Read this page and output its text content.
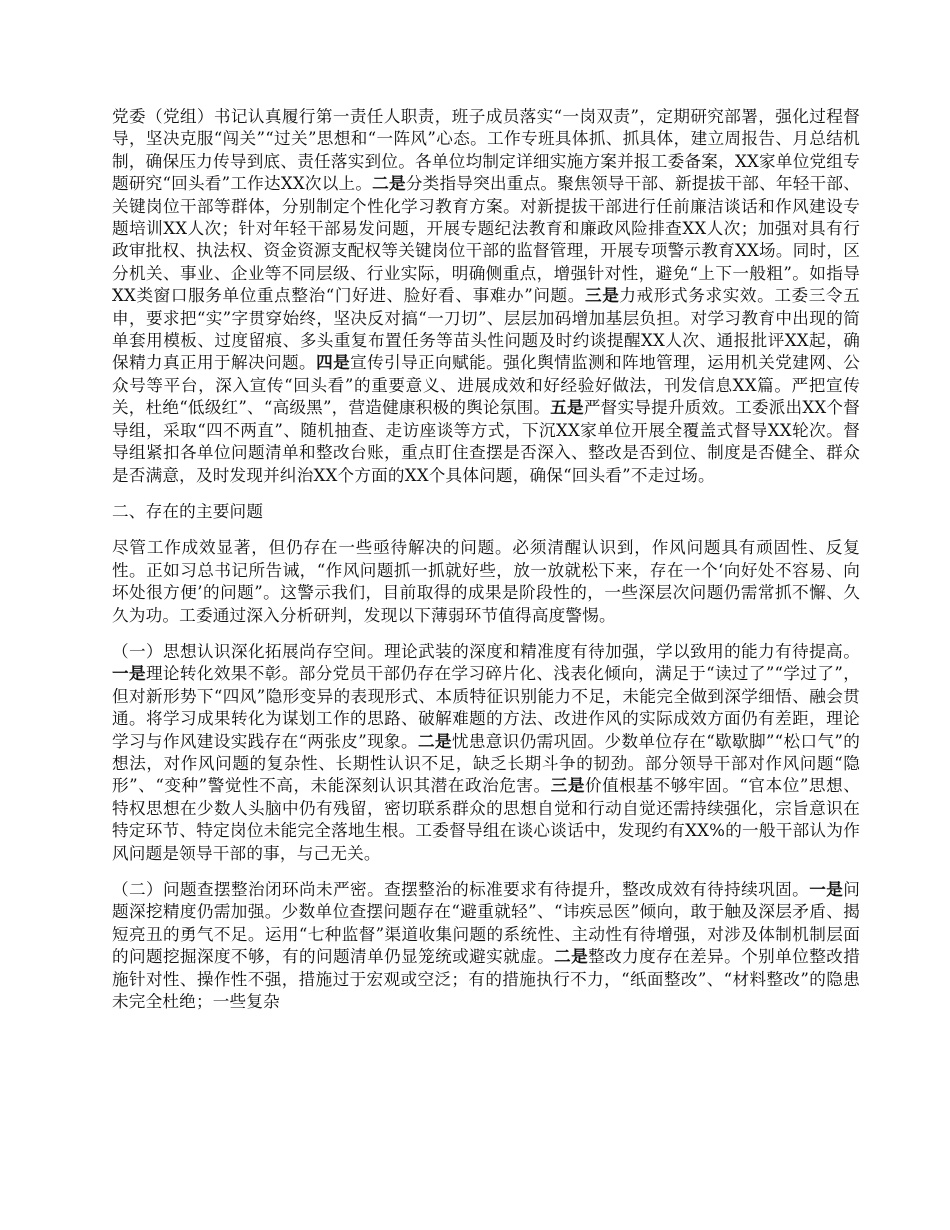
党委（党组）书记认真履行第一责任人职责，班子成员落实“一岗双责”，定期研究部署，强化过程督导，坚决克服“闯关”“过关”思想和“一阵风”心态。工作专班具体抓、抓具体，建立周报告、月总结机制，确保压力传导到底、责任落实到位。各单位均制定详细实施方案并报工委备案，XX家单位党组专题研究“回头看”工作达XX次以上。二是分类指导突出重点。聚焦领导干部、新提拔干部、年轻干部、关键岗位干部等群体，分别制定个性化学习教育方案。对新提拔干部进行任前廉洁谈话和作风建设专题培训XX人次；针对年轻干部易发问题，开展专题纪法教育和廉政风险排查XX人次；加强对具有行政审批权、执法权、资金资源支配权等关键岗位干部的监督管理，开展专项警示教育XX场。同时，区分机关、事业、企业等不同层级、行业实际，明确侧重点，增强针对性，避免“上下一般粗”。如指导XX类窗口服务单位重点整治“门好进、脸好看、事难办”问题。三是力戒形式务求实效。工委三令五申，要求把“实”字贯穿始终，坚决反对搞“一刀切”、层层加码增加基层负担。对学习教育中出现的简单套用模板、过度留痕、多头重复布置任务等苗头性问题及时约谈提醒XX人次、通报批评XX起，确保精力真正用于解决问题。四是宣传引导正向赋能。强化舆情监测和阵地管理，运用机关党建网、公众号等平台，深入宣传“回头看”的重要意义、进展成效和好经验好做法，刊发信息XX篇。严把宣传关，杜绝“低级红”、“高级黑”，营造健康积极的舆论氛围。五是严督实导提升质效。工委派出XX个督导组，采取“四不两直”、随机抽查、走访座谈等方式，下沉XX家单位开展全覆盖式督导XX轮次。督导组紧扣各单位问题清单和整改台账，重点盯住查摆是否深入、整改是否到位、制度是否健全、群众是否满意，及时发现并纠治XX个方面的XX个具体问题，确保“回头看”不走过场。

二、存在的主要问题

尽管工作成效显著，但仍存在一些亟待解决的问题。必须清醒认识到，作风问题具有顽固性、反复性。正如习总书记所告诫，“作风问题抓一抓就好些，放一放就松下来，存在一个‘向好处不容易、向坏处很方便’的问题”。这警示我们，目前取得的成果是阶段性的，一些深层次问题仍需常抓不懈、久久为功。工委通过深入分析研判，发现以下薄弱环节值得高度警惕。

（一）思想认识深化拓展尚存空间。理论武装的深度和精准度有待加强，学以致用的能力有待提高。一是理论转化效果不彰。部分党员干部仍存在学习碎片化、浅表化倾向，满足于“读过了”“学过了”，但对新形势下“四风”隐形变异的表现形式、本质特征识别能力不足，未能完全做到深学细悟、融会贯通。将学习成果转化为谋划工作的思路、破解难题的方法、改进作风的实际成效方面仍有差距，理论学习与作风建设实践存在“两张皮”现象。二是忧患意识仍需巩固。少数单位存在“歇歇脚”“松口气”的想法，对作风问题的复杂性、长期性认识不足，缺乏长期斗争的韧劲。部分领导干部对作风问题“隐形”、“变种”警觉性不高，未能深刻认识其潜在政治危害。三是价值根基不够牢固。“官本位”思想、特权思想在少数人头脑中仍有残留，密切联系群众的思想自觉和行动自觉还需持续强化，宗旨意识在特定环节、特定岗位未能完全落地生根。工委督导组在谈心谈话中，发现约有XX%的一般干部认为作风问题是领导干部的事，与己无关。

（二）问题查摆整治闭环尚未严密。查摆整治的标准要求有待提升，整改成效有待持续巩固。一是问题深挖精度仍需加强。少数单位查摆问题存在“避重就轻”、“讳疾忌医”倾向，敢于触及深层矛盾、揭短亮丑的勇气不足。运用“七种监督”渠道收集问题的系统性、主动性有待增强，对涉及体制机制层面的问题挖掘深度不够，有的问题清单仍显笼统或避实就虚。二是整改力度存在差异。个别单位整改措施针对性、操作性不强，措施过于宏观或空泛；有的措施执行不力，“纸面整改”、“材料整改”的隐患未完全杜绝；一些复杂
